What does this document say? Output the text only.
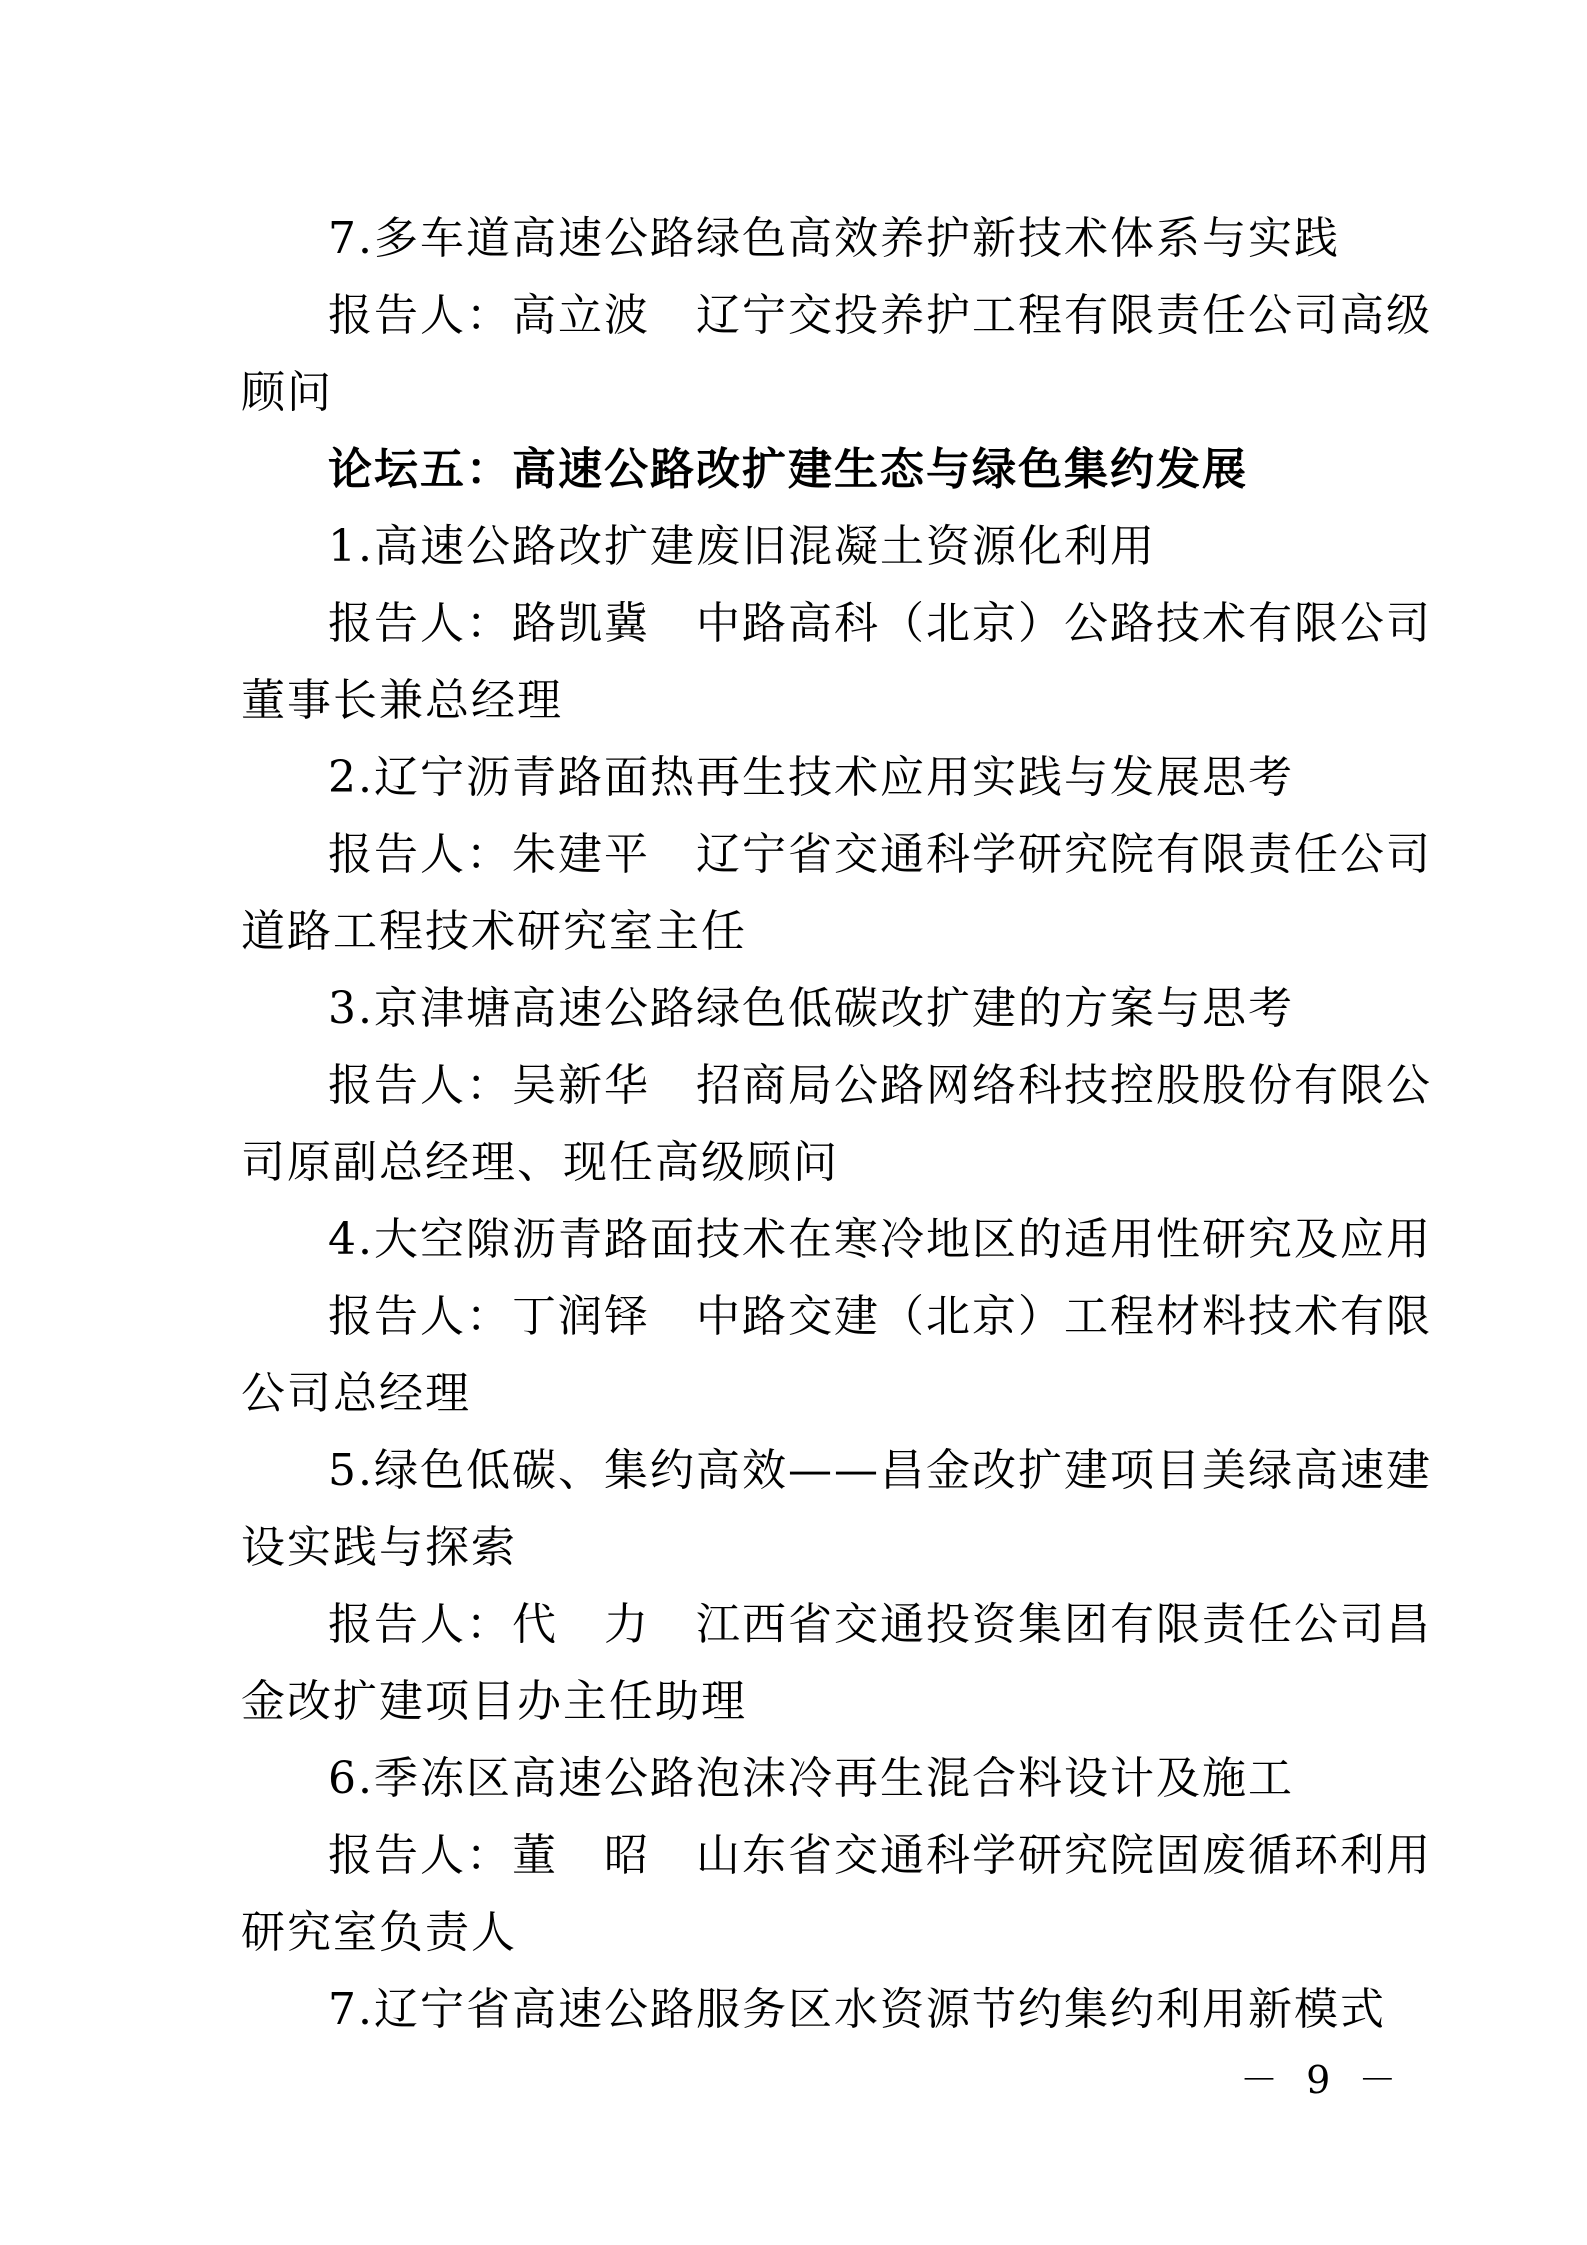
7.多车道高速公路绿色高效养护新技术体系与实践
报告人：高立波　辽宁交投养护工程有限责任公司高级
顾问
论坛五：高速公路改扩建生态与绿色集约发展
1.高速公路改扩建废旧混凝土资源化利用
报告人：路凯冀　中路高科（北京）公路技术有限公司
董事长兼总经理
2.辽宁沥青路面热再生技术应用实践与发展思考
报告人：朱建平　辽宁省交通科学研究院有限责任公司
道路工程技术研究室主任
3.京津塘高速公路绿色低碳改扩建的方案与思考
报告人：吴新华　招商局公路网络科技控股股份有限公
司原副总经理、现任高级顾问
4.大空隙沥青路面技术在寒冷地区的适用性研究及应用
报告人：丁润铎　中路交建（北京）工程材料技术有限
公司总经理
5.绿色低碳、集约高效——昌金改扩建项目美绿高速建
设实践与探索
报告人：代　力　江西省交通投资集团有限责任公司昌
金改扩建项目办主任助理
6.季冻区高速公路泡沫冷再生混合料设计及施工
报告人：董　昭　山东省交通科学研究院固废循环利用
研究室负责人
7.辽宁省高速公路服务区水资源节约集约利用新模式
－ 9 －
